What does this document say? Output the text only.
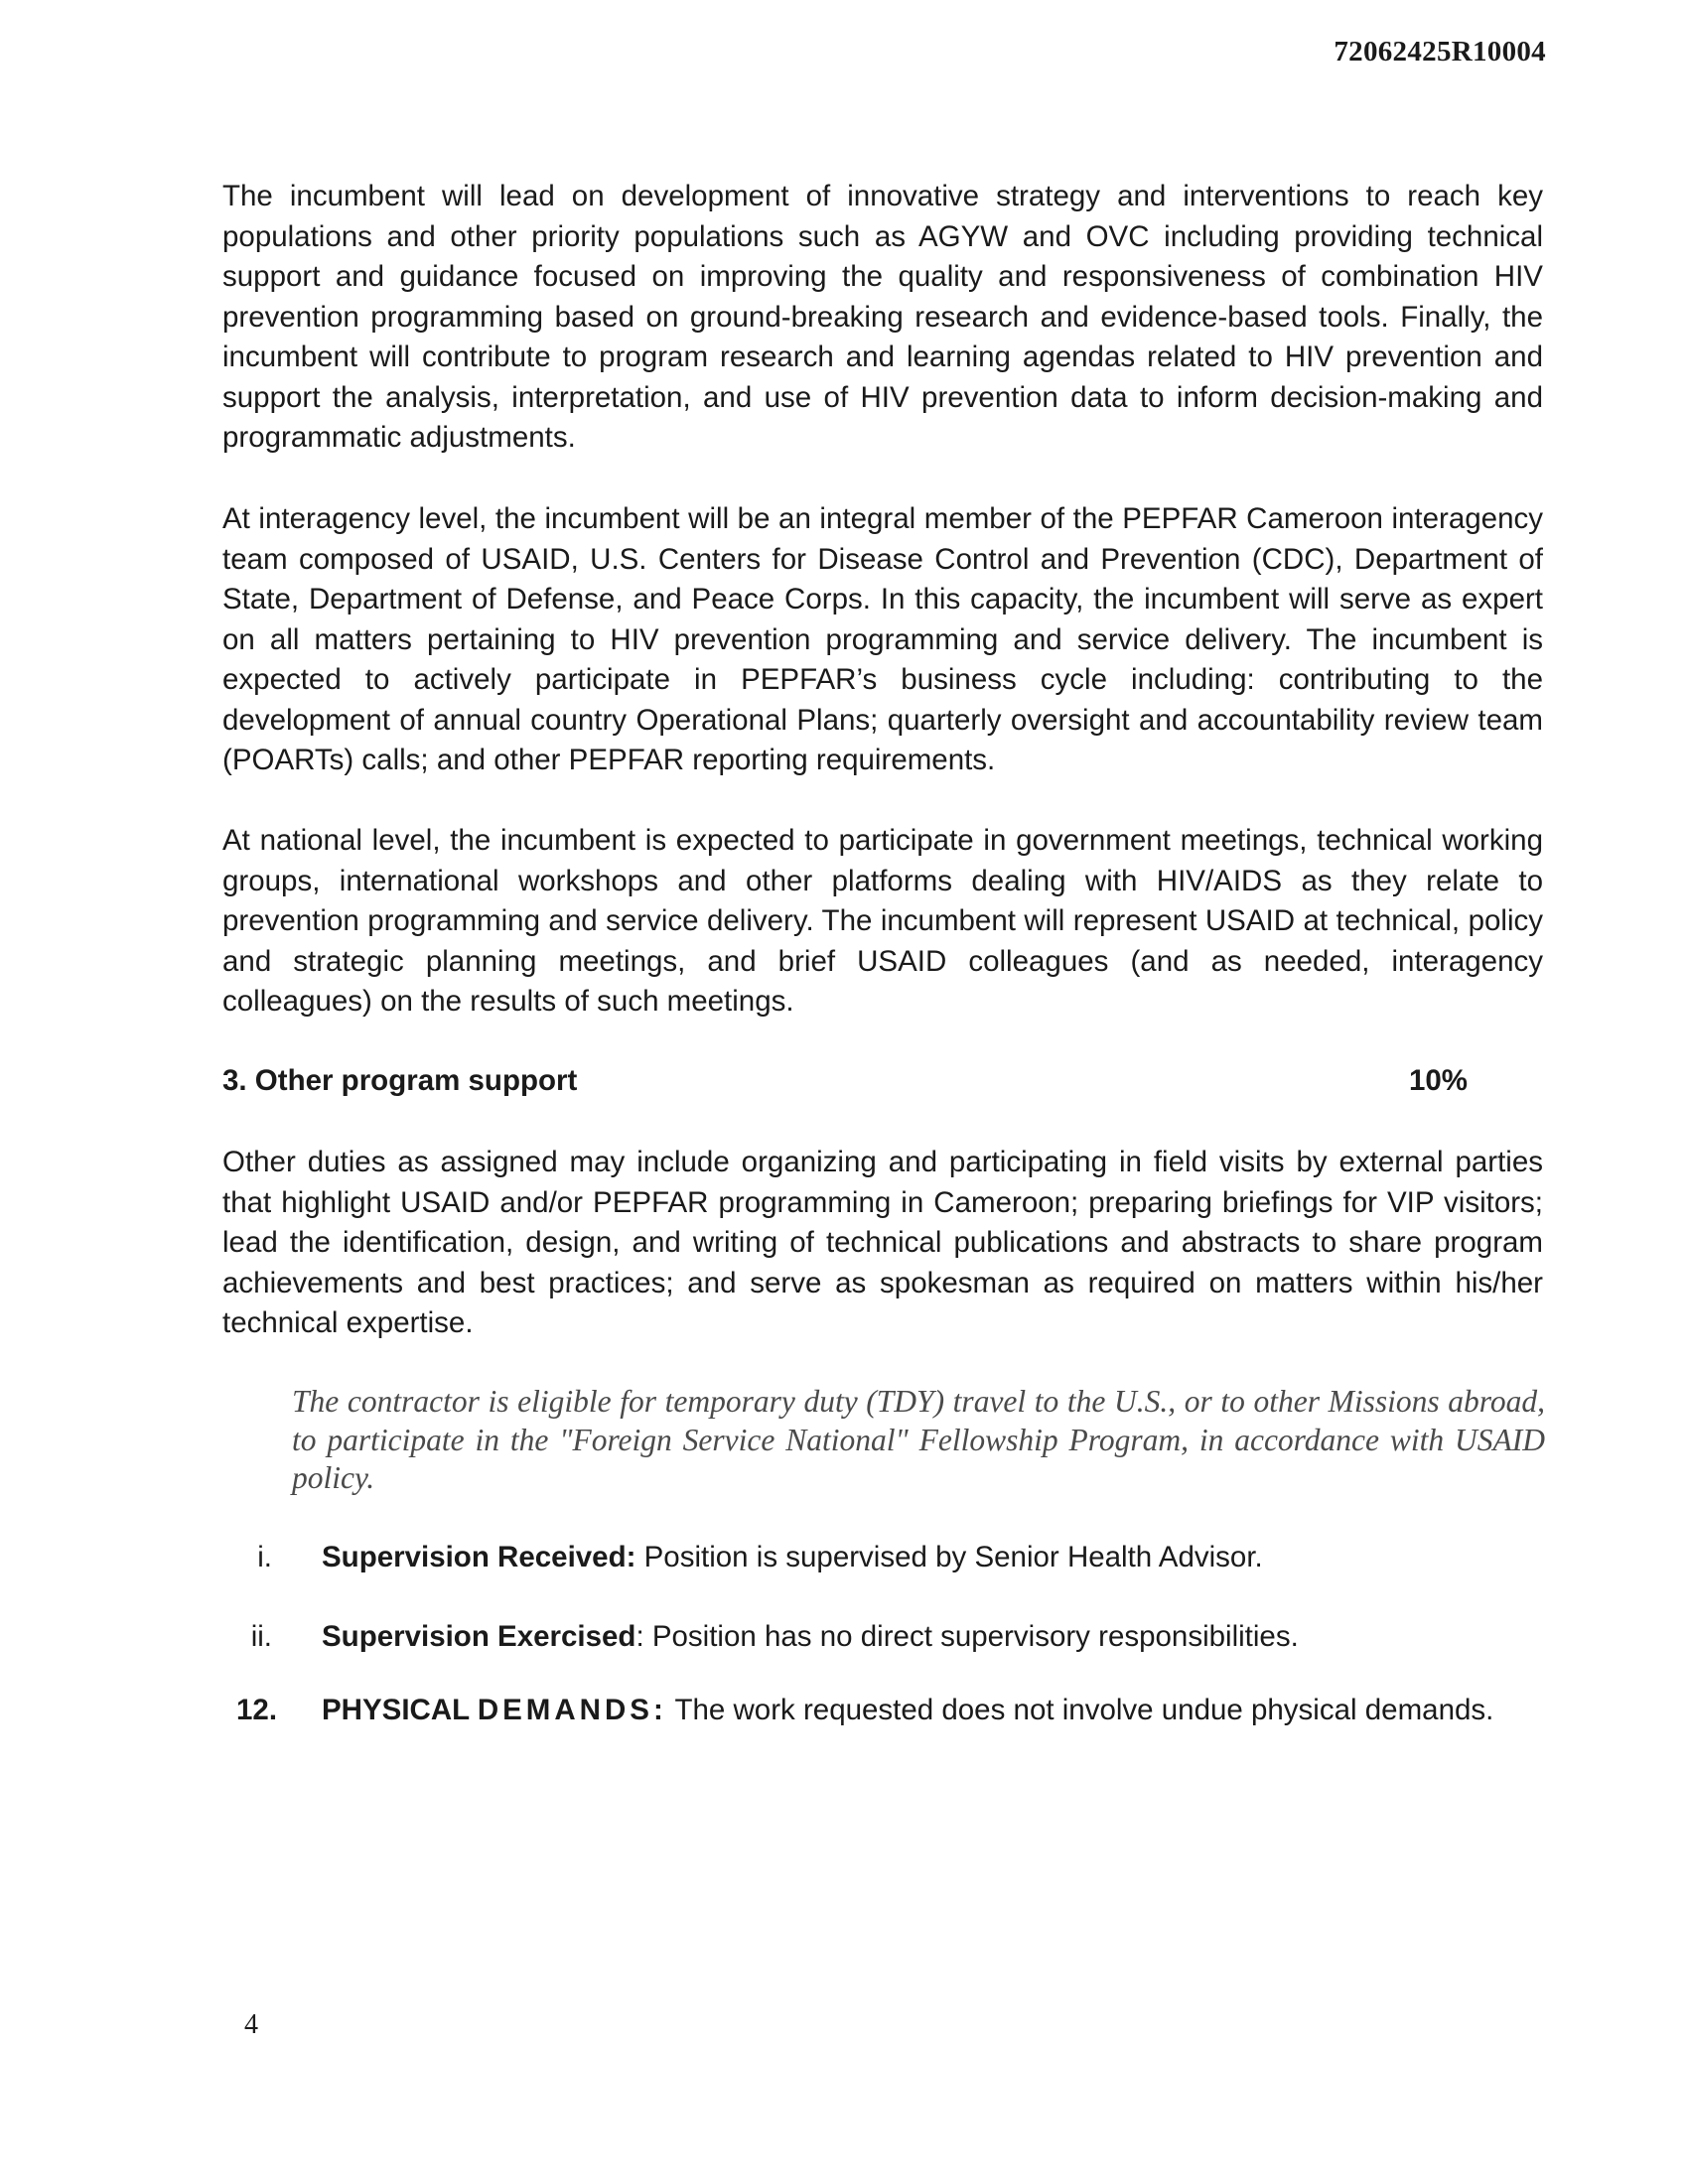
72062425R10004

The incumbent will lead on development of innovative strategy and interventions to reach key populations and other priority populations such as AGYW and OVC including providing technical support and guidance focused on improving the quality and responsiveness of combination HIV prevention programming based on ground-breaking research and evidence-based tools. Finally, the incumbent will contribute to program research and learning agendas related to HIV prevention and support the analysis, interpretation, and use of HIV prevention data to inform decision-making and programmatic adjustments.

At interagency level, the incumbent will be an integral member of the PEPFAR Cameroon interagency team composed of USAID, U.S. Centers for Disease Control and Prevention (CDC), Department of State, Department of Defense, and Peace Corps. In this capacity, the incumbent will serve as expert on all matters pertaining to HIV prevention programming and service delivery. The incumbent is expected to actively participate in PEPFAR’s business cycle including: contributing to the development of annual country Operational Plans; quarterly oversight and accountability review team (POARTs) calls; and other PEPFAR reporting requirements.

At national level, the incumbent is expected to participate in government meetings, technical working groups, international workshops and other platforms dealing with HIV/AIDS as they relate to prevention programming and service delivery. The incumbent will represent USAID at technical, policy and strategic planning meetings, and brief USAID colleagues (and as needed, interagency colleagues) on the results of such meetings.

3. Other program support	10%

Other duties as assigned may include organizing and participating in field visits by external parties that highlight USAID and/or PEPFAR programming in Cameroon; preparing briefings for VIP visitors; lead the identification, design, and writing of technical publications and abstracts to share program achievements and best practices; and serve as spokesman as required on matters within his/her technical expertise.

The contractor is eligible for temporary duty (TDY) travel to the U.S., or to other Missions abroad, to participate in the "Foreign Service National" Fellowship Program, in accordance with USAID policy.

i. Supervision Received: Position is supervised by Senior Health Advisor.
ii. Supervision Exercised: Position has no direct supervisory responsibilities.
12. PHYSICAL DEMANDS: The work requested does not involve undue physical demands.
4
